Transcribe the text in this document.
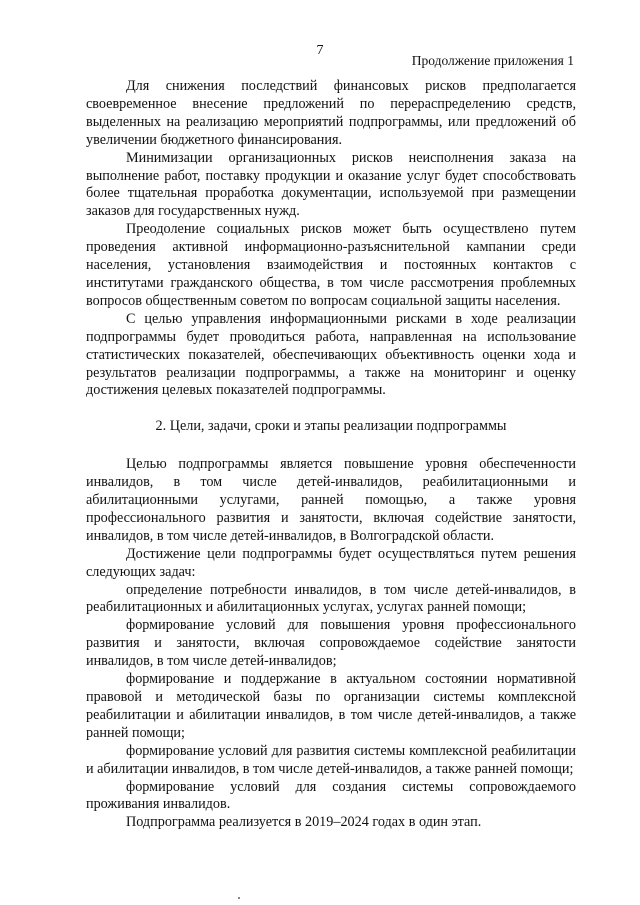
7
Продолжение приложения 1

Для снижения последствий финансовых рисков предполагается своевременное внесение предложений по перераспределению средств, выделенных на реализацию мероприятий подпрограммы, или предложений об увеличении бюджетного финансирования.

Минимизации организационных рисков неисполнения заказа на выполнение работ, поставку продукции и оказание услуг будет способствовать более тщательная проработка документации, используемой при размещении заказов для государственных нужд.

Преодоление социальных рисков может быть осуществлено путем проведения активной информационно-разъяснительной кампании среди населения, установления взаимодействия и постоянных контактов с институтами гражданского общества, в том числе рассмотрения проблемных вопросов общественным советом по вопросам социальной защиты населения.

С целью управления информационными рисками в ходе реализации подпрограммы будет проводиться работа, направленная на использование статистических показателей, обеспечивающих объективность оценки хода и результатов реализации подпрограммы, а также на мониторинг и оценку достижения целевых показателей подпрограммы.

2. Цели, задачи, сроки и этапы реализации подпрограммы

Целью подпрограммы является повышение уровня обеспеченности инвалидов, в том числе детей-инвалидов, реабилитационными и абилитационными услугами, ранней помощью, а также уровня профессионального развития и занятости, включая содействие занятости, инвалидов, в том числе детей-инвалидов, в Волгоградской области.

Достижение цели подпрограммы будет осуществляться путем решения следующих задач:

определение потребности инвалидов, в том числе детей-инвалидов, в реабилитационных и абилитационных услугах, услугах ранней помощи;

формирование условий для повышения уровня профессионального развития и занятости, включая сопровождаемое содействие занятости инвалидов, в том числе детей-инвалидов;

формирование и поддержание в актуальном состоянии нормативной правовой и методической базы по организации системы комплексной реабилитации и абилитации инвалидов, в том числе детей-инвалидов, а также ранней помощи;

формирование условий для развития системы комплексной реабилитации и абилитации инвалидов, в том числе детей-инвалидов, а также ранней помощи;

формирование условий для создания системы сопровождаемого проживания инвалидов.

Подпрограмма реализуется в 2019–2024 годах в один этап.
